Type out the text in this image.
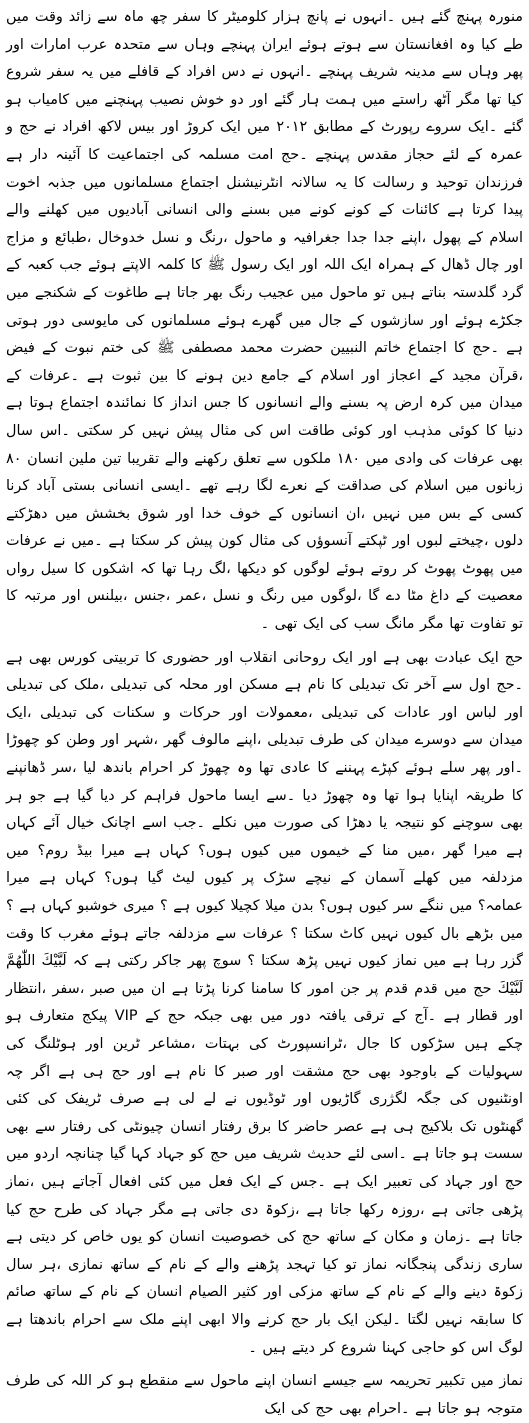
منورہ پہنچ گئے ہیں ۔انہوں نے پانچ ہزار کلومیٹر کا سفر چھ ماہ سے زائد وقت میں طے کیا وہ افغانستان سے ہوتے ہوئے ایران پہنچے وہاں سے متحدہ عرب امارات اور پھر وہاں سے مدینہ شریف پہنچے ۔انہوں نے دس افراد کے قافلے میں یہ سفر شروع کیا تھا مگر آٹھ راستے میں ہمت ہار گئے اور دو خوش نصیب پہنچنے میں کامیاب ہو گئے ۔ایک سروے رپورٹ کے مطابق ۲۰۱۲ میں ایک کروڑ اور بیس لاکھ افراد نے حج و عمرہ کے لئے حجاز مقدس پہنچے ۔حج امت مسلمہ کی اجتماعیت کا آئینہ دار ہے فرزندان توحید و رسالت کا یہ سالانہ انٹرنیشنل اجتماع مسلمانوں میں جذبہ اخوت پیدا کرتا ہے کائنات کے کونے کونے میں بسنے والی انسانی آبادیوں میں کھلنے والے اسلام کے پھول ،اپنے جدا جدا جغرافیہ و ماحول ،رنگ و نسل خدوخال ،طبائع و مزاج اور چال ڈھال کے ہمراہ ایک اللہ اور ایک رسول ﷺ کا کلمہ الاپتے ہوئے جب کعبہ کے گرد گلدستہ بناتے ہیں تو ماحول میں عجیب رنگ بھر جاتا ہے طاغوت کے شکنجے میں جکڑے ہوئے اور سازشوں کے جال میں گھرے ہوئے مسلمانوں کی مایوسی دور ہوتی ہے ۔حج کا اجتماع خاتم النبیین حضرت محمد مصطفی ﷺ کی ختم نبوت کے فیض ،قرآن مجید کے اعجاز اور اسلام کے جامع دین ہونے کا بین ثبوت ہے ۔عرفات کے میدان میں کرہ ارض پہ بسنے والے انسانوں کا جس انداز کا نمائندہ اجتماع ہوتا ہے دنیا کا کوئی مذہب اور کوئی طاقت اس کی مثال پیش نہیں کر سکتی ۔اس سال بھی عرفات کی وادی میں ۱۸۰ ملکوں سے تعلق رکھنے والے تقریبا تین ملین انسان ۸۰ زبانوں میں اسلام کی صداقت کے نعرے لگا رہے تھے ۔ایسی انسانی بستی آباد کرنا کسی کے بس میں نہیں ،ان انسانوں کے خوف خدا اور شوق بخشش میں دھڑکتے دلوں ،چیختے لبوں اور ٹپکتے آنسوؤں کی مثال کون پیش کر سکتا ہے ۔میں نے عرفات میں پھوٹ پھوٹ کر روتے ہوئے لوگوں کو دیکھا ،لگ رہا تھا کہ اشکوں کا سیل رواں معصیت کے داغ مٹا دے گا ،لوگوں میں رنگ و نسل ،عمر ،جنس ،بیلنس اور مرتبہ کا تو تفاوت تھا مگر مانگ سب کی ایک تھی ۔

حج ایک عبادت بھی ہے اور ایک روحانی انقلاب اور حضوری کا تربیتی کورس بھی ہے ۔حج اول سے آخر تک تبدیلی کا نام ہے مسکن اور محلہ کی تبدیلی ،ملک کی تبدیلی اور لباس اور عادات کی تبدیلی ،معمولات اور حرکات و سکنات کی تبدیلی ،ایک میدان سے دوسرے میدان کی طرف تبدیلی ،اپنے مالوف گھر ،شہر اور وطن کو چھوڑا ۔اور پھر سلے ہوئے کپڑے پہننے کا عادی تھا وہ چھوڑ کر احرام باندھ لیا ،سر ڈھانپنے کا طریقہ اپنایا ہوا تھا وہ چھوڑ دیا ۔سے ایسا ماحول فراہم کر دیا گیا ہے جو ہر بھی سوچنے کو نتیجہ یا دھڑا کی صورت میں نکلے ۔جب اسے اچانک خیال آئے کہاں ہے میرا گھر ،میں منا کے خیموں میں کیوں ہوں؟ کہاں ہے میرا بیڈ روم؟ میں مزدلفہ میں کھلے آسمان کے نیچے سڑک پر کیوں لیٹ گیا ہوں؟ کہاں ہے میرا عمامہ؟ میں ننگے سر کیوں ہوں؟ بدن میلا کچیلا کیوں ہے ؟ میری خوشبو کہاں ہے ؟ میں بڑھے بال کیوں نہیں کاٹ سکتا ؟ عرفات سے مزدلفہ جاتے ہوئے مغرب کا وقت گزر رہا ہے میں نماز کیوں نہیں پڑھ سکتا ؟ سوچ پھر جاکر رکتی ہے کہ لَبَّيْكَ اللّٰهُمَّ لَبَّيْكَ حج میں قدم قدم پر جن امور کا سامنا کرنا پڑتا ہے ان میں صبر ،سفر ،انتظار اور قطار ہے ۔آج کے ترقی یافتہ دور میں بھی جبکہ حج کے VIP پیکج متعارف ہو چکے ہیں سڑکوں کا جال ،ٹرانسپورٹ کی بہتات ،مشاعر ٹرین اور ہوٹلنگ کی سہولیات کے باوجود بھی حج مشقت اور صبر کا نام ہے اور حج ہی ہے اگر چہ اونٹنیوں کی جگہ لگژری گاڑیوں اور ٹوڈیوں نے لے لی ہے صرف ٹریفک کی کئی گھنٹوں تک بلاکیج ہی ہے عصر حاضر کا برق رفتار انسان چیونٹی کی رفتار سے بھی سست ہو جاتا ہے ۔اسی لئے حدیث شریف میں حج کو جہاد کہا گیا چنانچہ اردو میں حج اور جہاد کی تعبیر ایک ہے ۔جس کے ایک فعل میں کئی افعال آجاتے ہیں ،نماز پڑھی جاتی ہے ،روزہ رکھا جاتا ہے ،زکوۃ دی جاتی ہے مگر جہاد کی طرح حج کیا جاتا ہے ۔زمان و مکان کے ساتھ حج کی خصوصیت انسان کو یوں خاص کر دیتی ہے ساری زندگی پنجگانہ نماز تو کیا تہجد پڑھنے والے کے نام کے ساتھ نمازی ،ہر سال زکوۃ دینے والے کے نام کے ساتھ مزکی اور کثیر الصیام انسان کے نام کے ساتھ صائم کا سابقہ نہیں لگتا ۔لیکن ایک بار حج کرنے والا ابھی اپنے ملک سے احرام باندھتا ہے لوگ اس کو حاجی کہنا شروع کر دیتے ہیں ۔

نماز میں تکبیر تحریمہ سے جیسے انسان اپنے ماحول سے منقطع ہو کر اللہ کی طرف متوجہ ہو جاتا ہے ۔احرام بھی حج کی ایک
